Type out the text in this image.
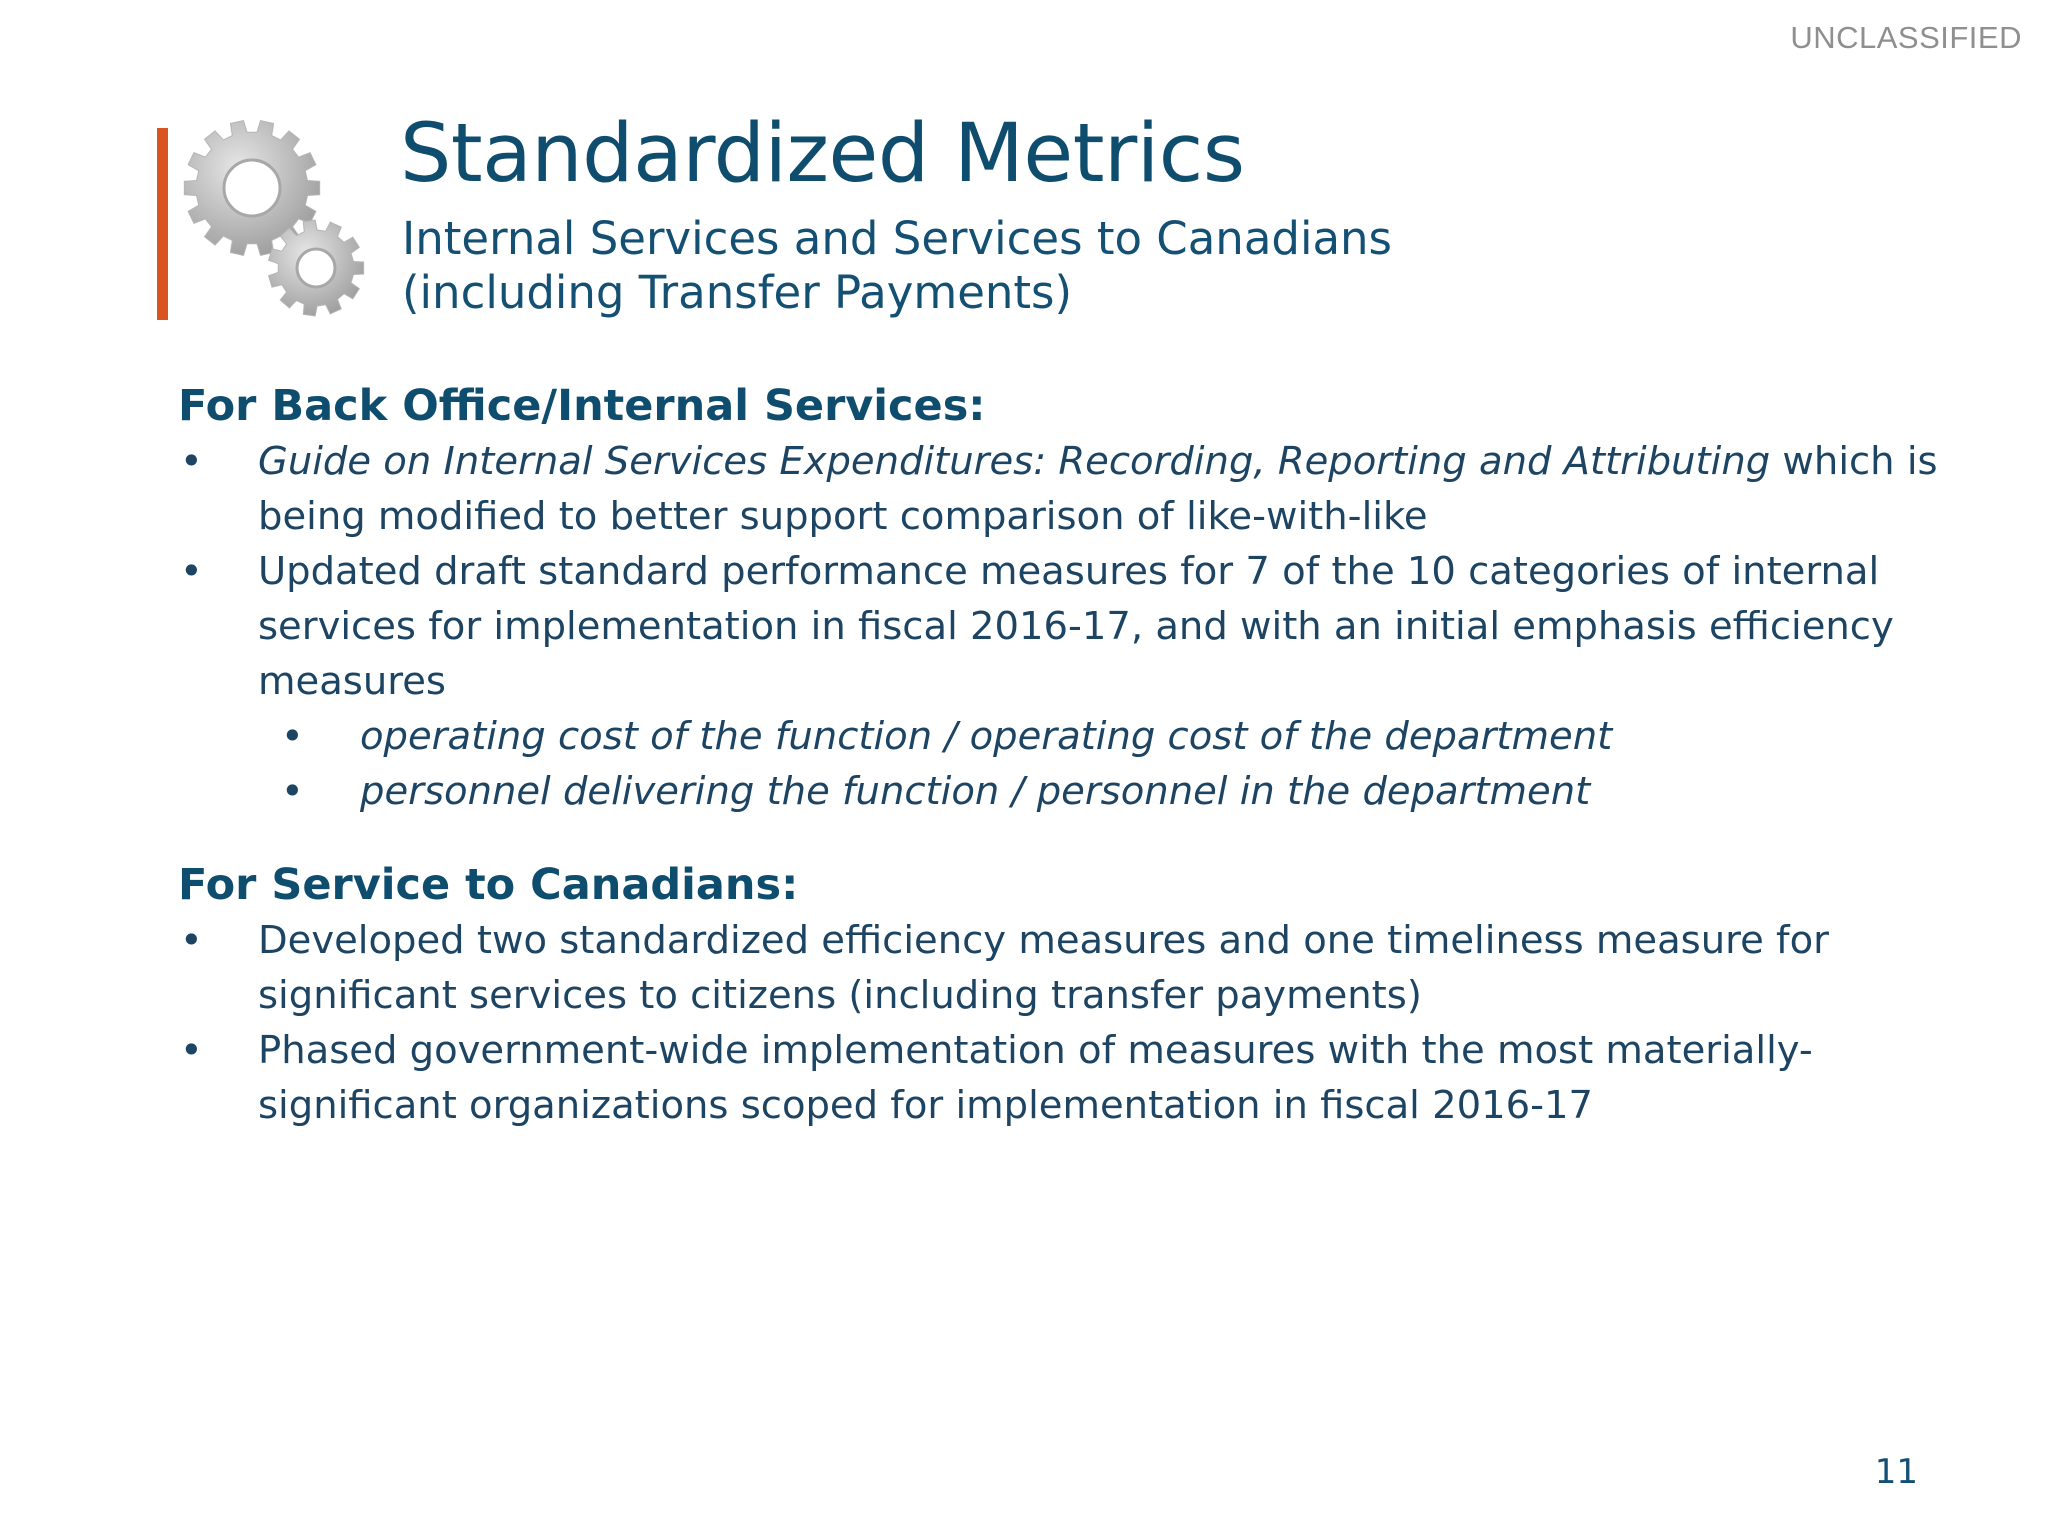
UNCLASSIFIED
Standardized Metrics
Internal Services and Services to Canadians
(including Transfer Payments)
For Back Office/Internal Services:
• Guide on Internal Services Expenditures: Recording, Reporting and Attributing which is
being modified to better support comparison of like-with-like
• Updated draft standard performance measures for 7 of the 10 categories of internal
services for implementation in fiscal 2016-17, and with an initial emphasis efficiency
measures
• operating cost of the function / operating cost of the department
• personnel delivering the function / personnel in the department
For Service to Canadians:
• Developed two standardized efficiency measures and one timeliness measure for
significant services to citizens (including transfer payments)
• Phased government-wide implementation of measures with the most materially-
significant organizations scoped for implementation in fiscal 2016-17
11
